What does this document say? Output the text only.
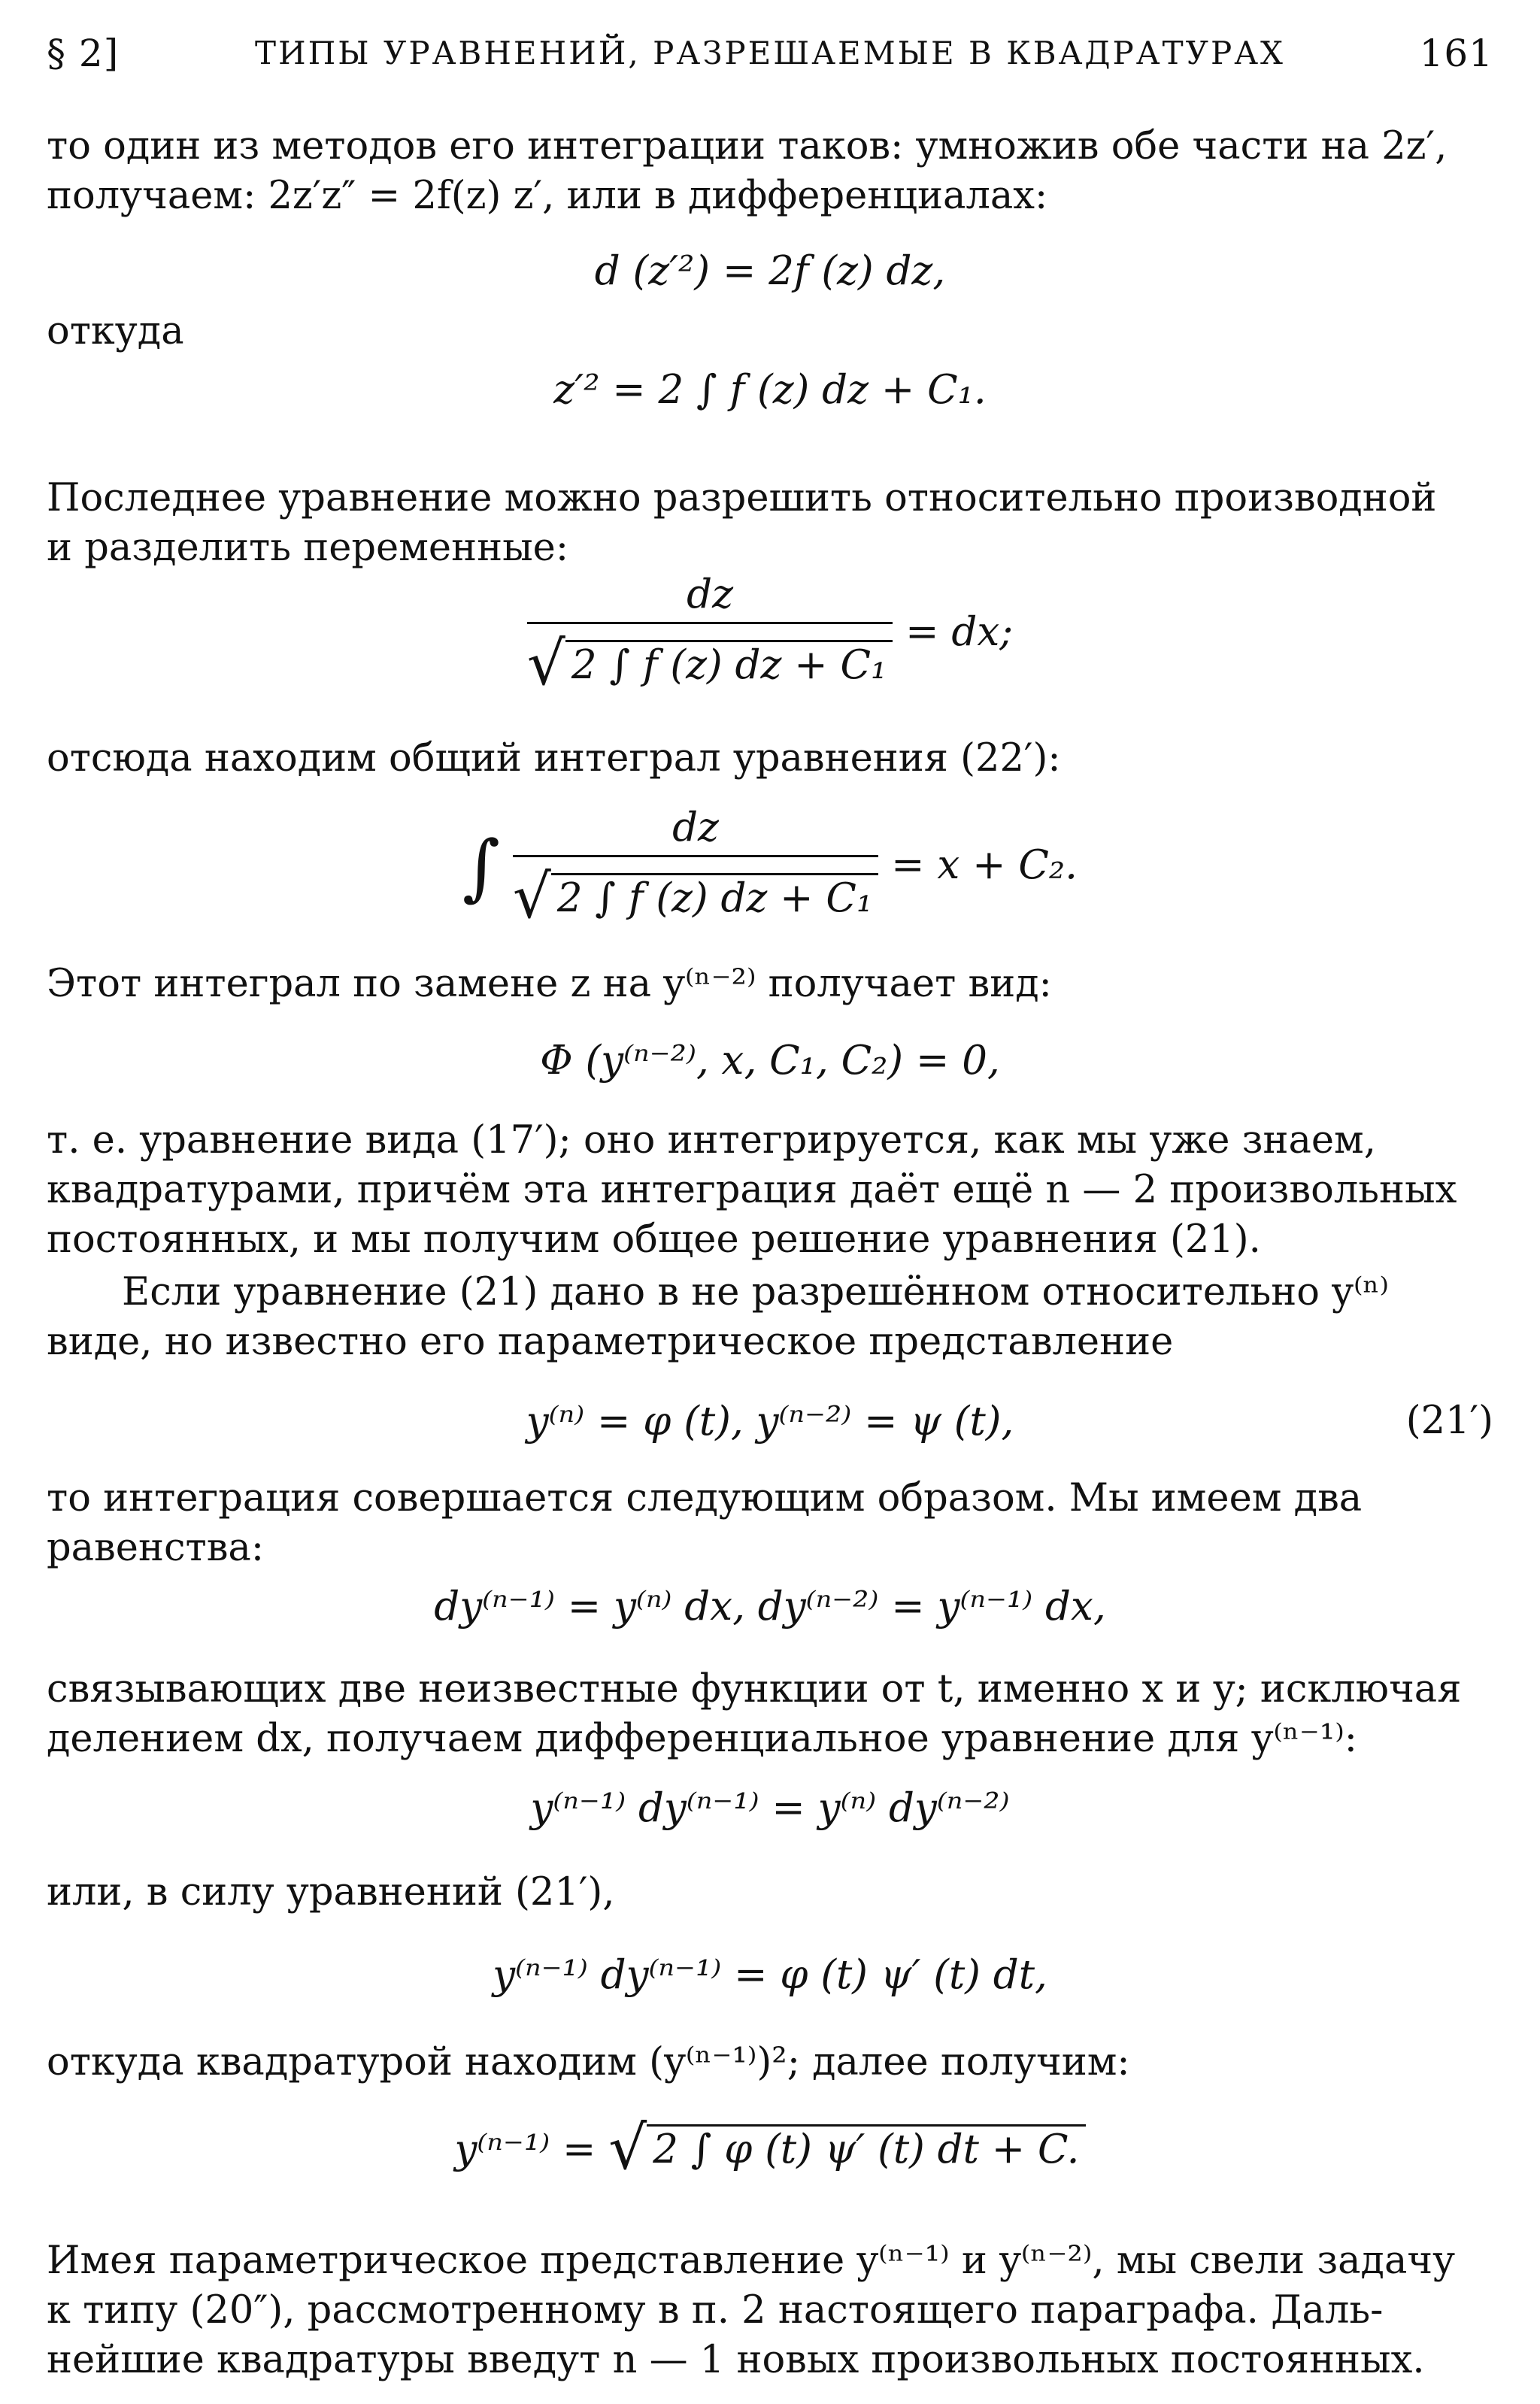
§ 2]	ТИПЫ УРАВНЕНИЙ, РАЗРЕШАЕМЫЕ В КВАДРАТУРАХ	161
то один из методов его интеграции таков: умножив обе части на 2z′,
получаем: 2z′z″ = 2f(z) z′, или в дифференциалах:
d (z′²) = 2f (z) dz,
откуда
z′² = 2 ∫ f (z) dz + C₁.
Последнее уравнение можно разрешить относительно производной
и разделить переменные:
$\frac{dz}{\text{√ 2 ∫ f (z) dz + C₁}}$ = dx;
отсюда находим общий интеграл уравнения (22′):
∫ $\frac{dz}{\text{√ 2 ∫ f (z) dz + C₁}} = x + C_2$.
Этот интеграл по замене z на y⁽ⁿ⁻²⁾ получает вид:
Φ (y⁽ⁿ⁻²⁾, x, C₁, C₂) = 0,
т. е. уравнение вида (17′); оно интегрируется, как мы уже знаем,
квадратурами, причём эта интеграция даёт ещё n — 2 произвольных
постоянных, и мы получим общее решение уравнения (21).
Если уравнение (21) дано в не разрешённом относительно y⁽ⁿ⁾
виде, но известно его параметрическое представление
y⁽ⁿ⁾ = φ (t), y⁽ⁿ⁻²⁾ = ψ (t),	(21′)
то интеграция совершается следующим образом. Мы имеем два
равенства:
dy⁽ⁿ⁻¹⁾ = y⁽ⁿ⁾ dx, dy⁽ⁿ⁻²⁾ = y⁽ⁿ⁻¹⁾ dx,
связывающих две неизвестные функции от t, именно x и y; исключая
делением dx, получаем дифференциальное уравнение для y⁽ⁿ⁻¹⁾:
y⁽ⁿ⁻¹⁾ dy⁽ⁿ⁻¹⁾ = y⁽ⁿ⁾ dy⁽ⁿ⁻²⁾
или, в силу уравнений (21′),
y⁽ⁿ⁻¹⁾ dy⁽ⁿ⁻¹⁾ = φ (t) ψ′ (t) dt,
откуда квадратурой находим (y⁽ⁿ⁻¹⁾)²; далее получим:
y⁽ⁿ⁻¹⁾ = √ 2 ∫ φ (t) ψ′ (t) dt + C.
Имея параметрическое представление y⁽ⁿ⁻¹⁾ и y⁽ⁿ⁻²⁾, мы свели задачу
к типу (20″), рассмотренному в п. 2 настоящего параграфа. Даль-
нейшие квадратуры введут n — 1 новых произвольных постоянных.
